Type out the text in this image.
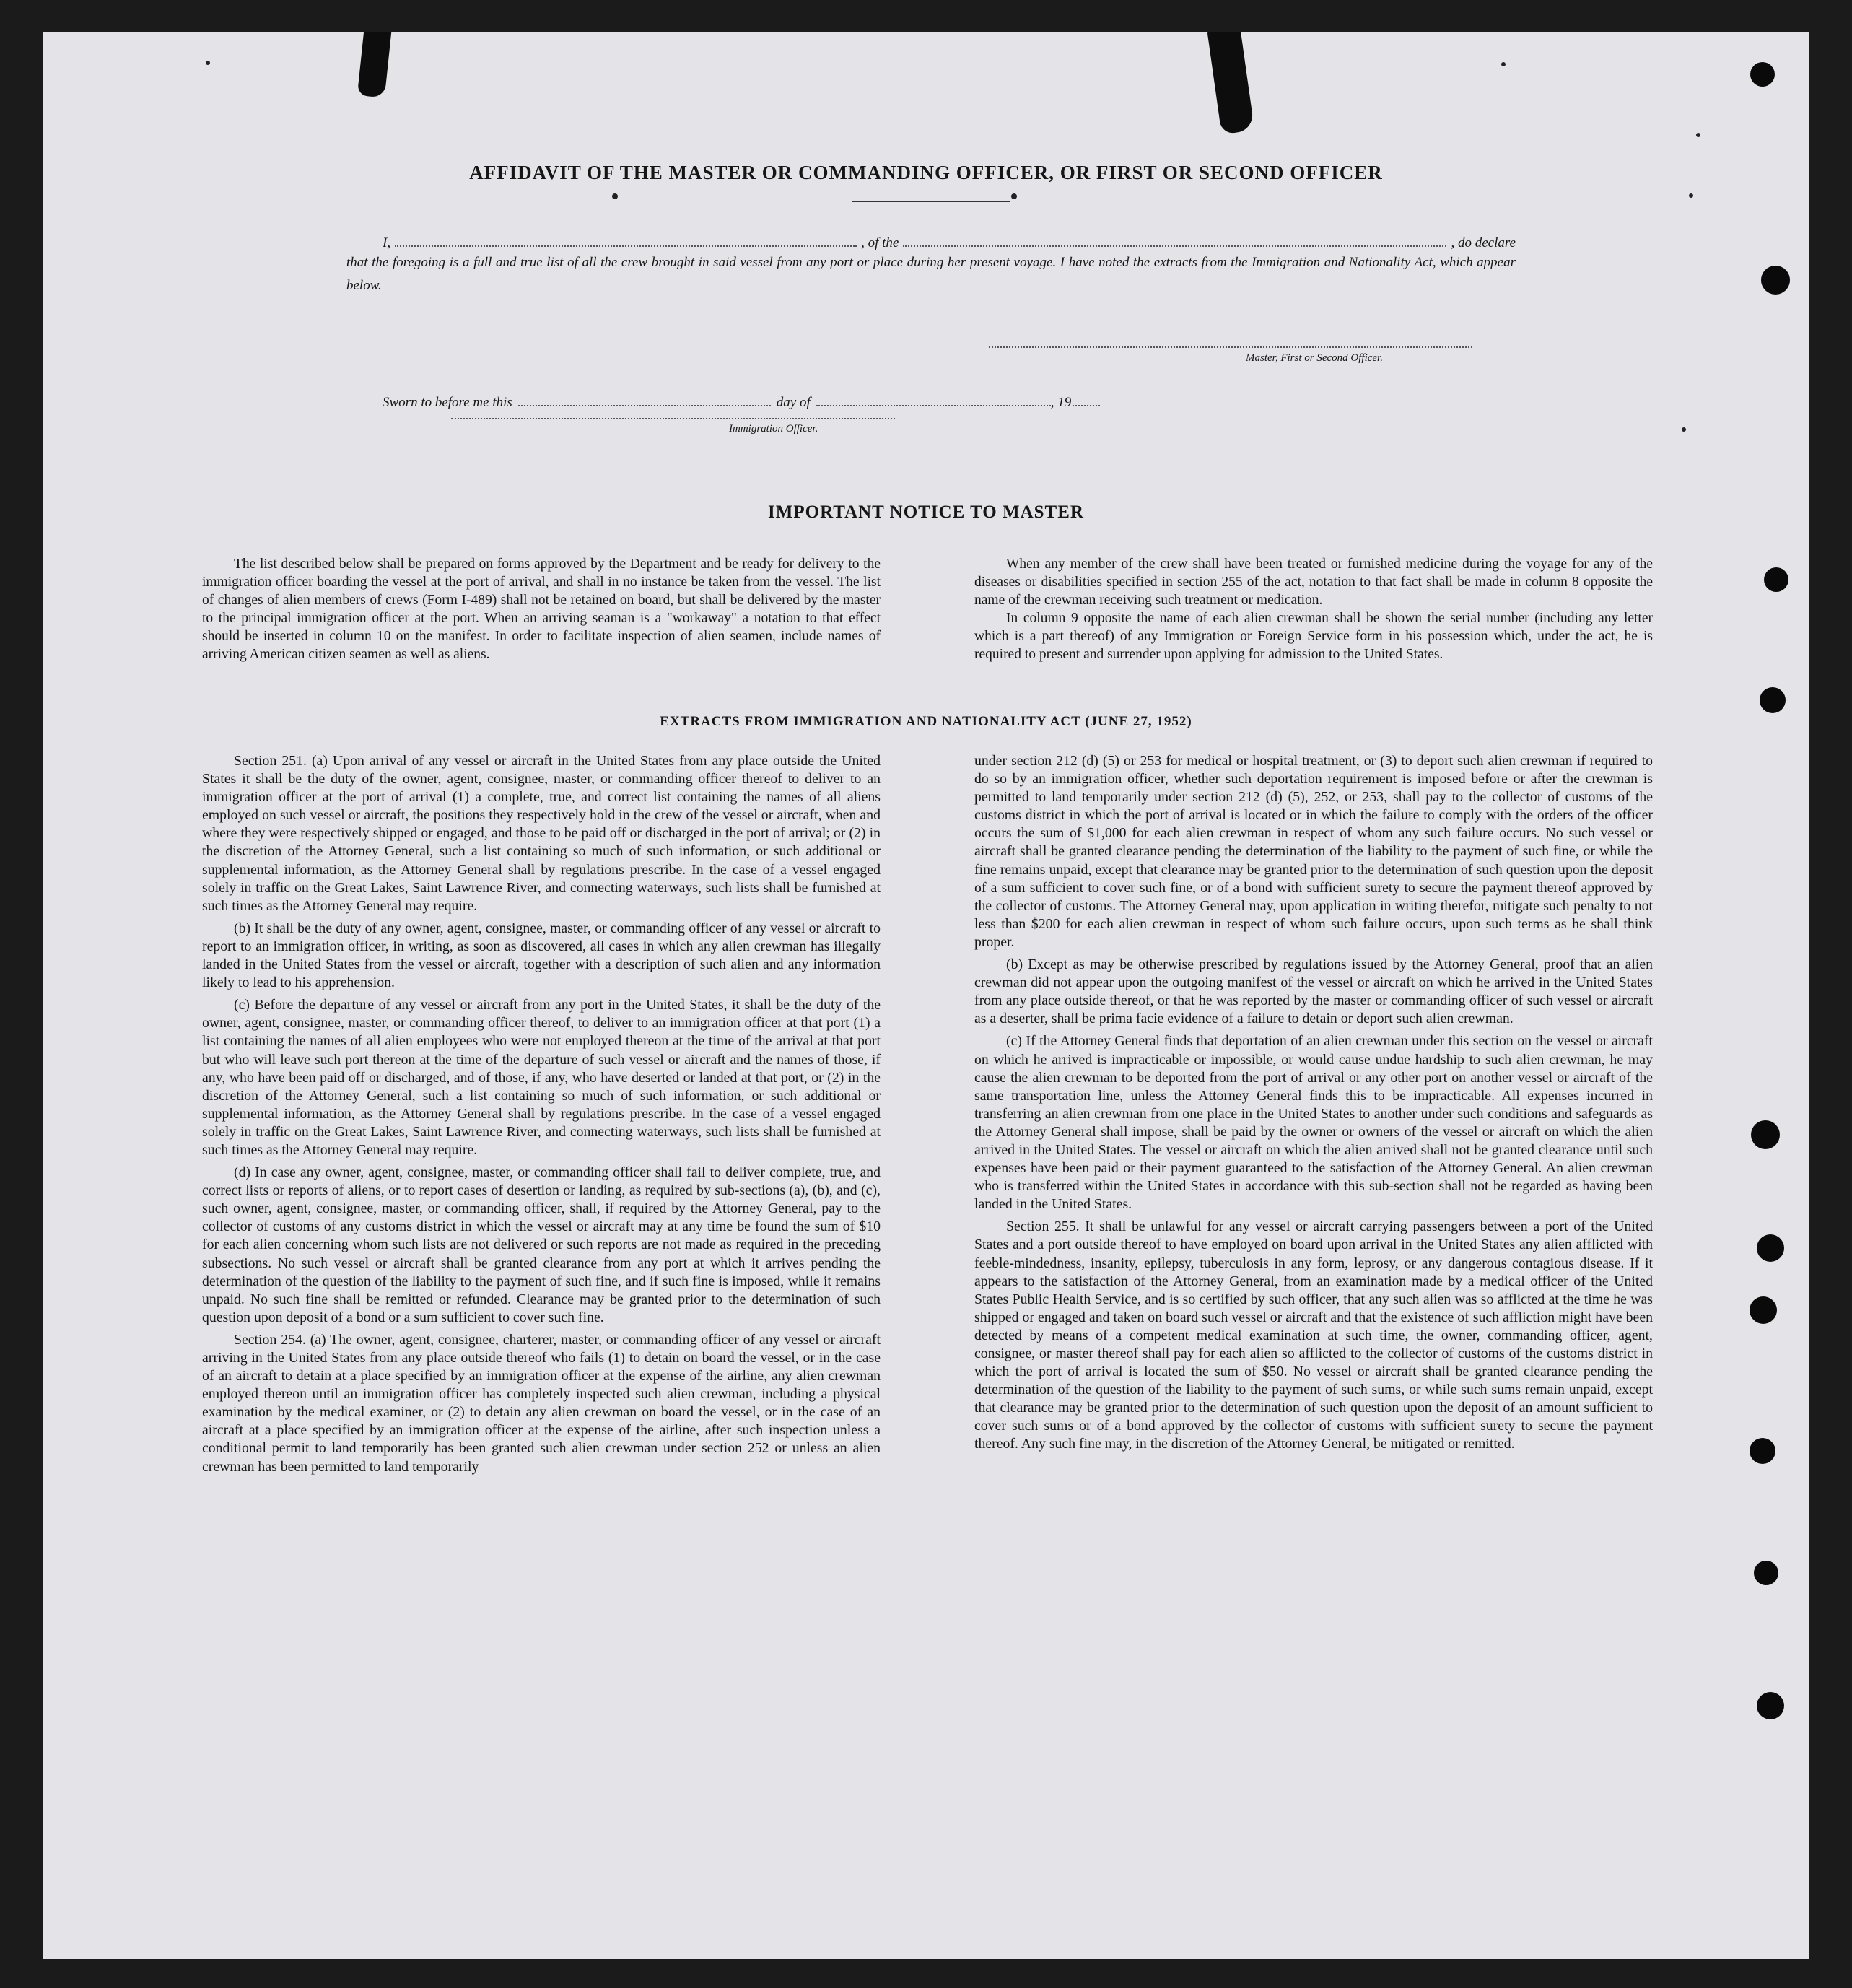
AFFIDAVIT OF THE MASTER OR COMMANDING OFFICER, OR FIRST OR SECOND OFFICER
I,	, of the	, do declare

that the foregoing is a full and true list of all the crew brought in said vessel from any port or place during her present voyage. I have noted the extracts from the Immigration and Nationality Act, which appear below.

Master, First or Second Officer.
Sworn to before me this	day of	, 19
Immigration Officer.
IMPORTANT NOTICE TO MASTER

The list described below shall be prepared on forms approved by the Department and be ready for delivery to the immigration officer boarding the vessel at the port of arrival, and shall in no instance be taken from the vessel. The list of changes of alien members of crews (Form I-489) shall not be retained on board, but shall be delivered by the master to the principal immigration officer at the port. When an arriving seaman is a "workaway" a notation to that effect should be inserted in column 10 on the manifest. In order to facilitate inspection of alien seamen, include names of arriving American citizen seamen as well as aliens.

When any member of the crew shall have been treated or furnished medicine during the voyage for any of the diseases or disabilities specified in section 255 of the act, notation to that fact shall be made in column 8 opposite the name of the crewman receiving such treatment or medication.

In column 9 opposite the name of each alien crewman shall be shown the serial number (including any letter which is a part thereof) of any Immigration or Foreign Service form in his possession which, under the act, he is required to present and surrender upon applying for admission to the United States.

EXTRACTS FROM IMMIGRATION AND NATIONALITY ACT (JUNE 27, 1952)

Section 251. (a) Upon arrival of any vessel or aircraft in the United States from any place outside the United States it shall be the duty of the owner, agent, consignee, master, or commanding officer thereof to deliver to an immigration officer at the port of arrival (1) a complete, true, and correct list containing the names of all aliens employed on such vessel or aircraft, the positions they respectively hold in the crew of the vessel or aircraft, when and where they were respectively shipped or engaged, and those to be paid off or discharged in the port of arrival; or (2) in the discretion of the Attorney General, such a list containing so much of such information, or such additional or supplemental information, as the Attorney General shall by regulations prescribe. In the case of a vessel engaged solely in traffic on the Great Lakes, Saint Lawrence River, and connecting waterways, such lists shall be furnished at such times as the Attorney General may require.

(b) It shall be the duty of any owner, agent, consignee, master, or commanding officer of any vessel or aircraft to report to an immigration officer, in writing, as soon as discovered, all cases in which any alien crewman has illegally landed in the United States from the vessel or aircraft, together with a description of such alien and any information likely to lead to his apprehension.

(c) Before the departure of any vessel or aircraft from any port in the United States, it shall be the duty of the owner, agent, consignee, master, or commanding officer thereof, to deliver to an immigration officer at that port (1) a list containing the names of all alien employees who were not employed thereon at the time of the arrival at that port but who will leave such port thereon at the time of the departure of such vessel or aircraft and the names of those, if any, who have been paid off or discharged, and of those, if any, who have deserted or landed at that port, or (2) in the discretion of the Attorney General, such a list containing so much of such information, or such additional or supplemental information, as the Attorney General shall by regulations prescribe. In the case of a vessel engaged solely in traffic on the Great Lakes, Saint Lawrence River, and connecting waterways, such lists shall be furnished at such times as the Attorney General may require.

(d) In case any owner, agent, consignee, master, or commanding officer shall fail to deliver complete, true, and correct lists or reports of aliens, or to report cases of desertion or landing, as required by sub-sections (a), (b), and (c), such owner, agent, consignee, master, or commanding officer, shall, if required by the Attorney General, pay to the collector of customs of any customs district in which the vessel or aircraft may at any time be found the sum of $10 for each alien concerning whom such lists are not delivered or such reports are not made as required in the preceding subsections. No such vessel or aircraft shall be granted clearance from any port at which it arrives pending the determination of the question of the liability to the payment of such fine, and if such fine is imposed, while it remains unpaid. No such fine shall be remitted or refunded. Clearance may be granted prior to the determination of such question upon deposit of a bond or a sum sufficient to cover such fine.

Section 254. (a) The owner, agent, consignee, charterer, master, or commanding officer of any vessel or aircraft arriving in the United States from any place outside thereof who fails (1) to detain on board the vessel, or in the case of an aircraft to detain at a place specified by an immigration officer at the expense of the airline, any alien crewman employed thereon until an immigration officer has completely inspected such alien crewman, including a physical examination by the medical examiner, or (2) to detain any alien crewman on board the vessel, or in the case of an aircraft at a place specified by an immigration officer at the expense of the airline, after such inspection unless a conditional permit to land temporarily has been granted such alien crewman under section 252 or unless an alien crewman has been permitted to land temporarily

under section 212 (d) (5) or 253 for medical or hospital treatment, or (3) to deport such alien crewman if required to do so by an immigration officer, whether such deportation requirement is imposed before or after the crewman is permitted to land temporarily under section 212 (d) (5), 252, or 253, shall pay to the collector of customs of the customs district in which the port of arrival is located or in which the failure to comply with the orders of the officer occurs the sum of $1,000 for each alien crewman in respect of whom any such failure occurs. No such vessel or aircraft shall be granted clearance pending the determination of the liability to the payment of such fine, or while the fine remains unpaid, except that clearance may be granted prior to the determination of such question upon the deposit of a sum sufficient to cover such fine, or of a bond with sufficient surety to secure the payment thereof approved by the collector of customs. The Attorney General may, upon application in writing therefor, mitigate such penalty to not less than $200 for each alien crewman in respect of whom such failure occurs, upon such terms as he shall think proper.

(b) Except as may be otherwise prescribed by regulations issued by the Attorney General, proof that an alien crewman did not appear upon the outgoing manifest of the vessel or aircraft on which he arrived in the United States from any place outside thereof, or that he was reported by the master or commanding officer of such vessel or aircraft as a deserter, shall be prima facie evidence of a failure to detain or deport such alien crewman.

(c) If the Attorney General finds that deportation of an alien crewman under this section on the vessel or aircraft on which he arrived is impracticable or impossible, or would cause undue hardship to such alien crewman, he may cause the alien crewman to be deported from the port of arrival or any other port on another vessel or aircraft of the same transportation line, unless the Attorney General finds this to be impracticable. All expenses incurred in transferring an alien crewman from one place in the United States to another under such conditions and safeguards as the Attorney General shall impose, shall be paid by the owner or owners of the vessel or aircraft on which the alien arrived in the United States. The vessel or aircraft on which the alien arrived shall not be granted clearance until such expenses have been paid or their payment guaranteed to the satisfaction of the Attorney General. An alien crewman who is transferred within the United States in accordance with this sub-section shall not be regarded as having been landed in the United States.

Section 255. It shall be unlawful for any vessel or aircraft carrying passengers between a port of the United States and a port outside thereof to have employed on board upon arrival in the United States any alien afflicted with feeble-mindedness, insanity, epilepsy, tuberculosis in any form, leprosy, or any dangerous contagious disease. If it appears to the satisfaction of the Attorney General, from an examination made by a medical officer of the United States Public Health Service, and is so certified by such officer, that any such alien was so afflicted at the time he was shipped or engaged and taken on board such vessel or aircraft and that the existence of such affliction might have been detected by means of a competent medical examination at such time, the owner, commanding officer, agent, consignee, or master thereof shall pay for each alien so afflicted to the collector of customs of the customs district in which the port of arrival is located the sum of $50. No vessel or aircraft shall be granted clearance pending the determination of the question of the liability to the payment of such sums, or while such sums remain unpaid, except that clearance may be granted prior to the determination of such question upon the deposit of an amount sufficient to cover such sums or of a bond approved by the collector of customs with sufficient surety to secure the payment thereof. Any such fine may, in the discretion of the Attorney General, be mitigated or remitted.
